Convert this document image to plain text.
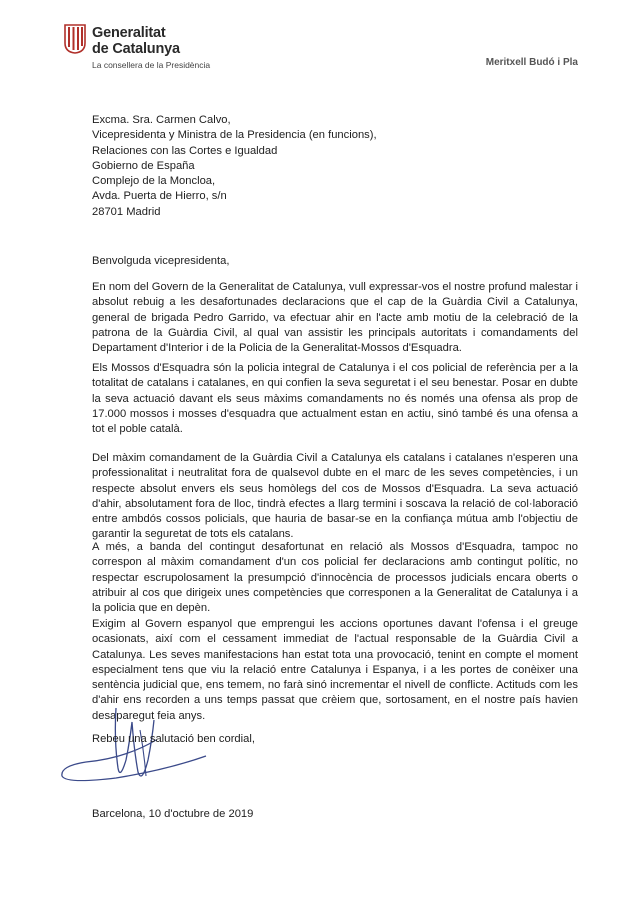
Generalitat
de Catalunya
La consellera de la Presidència	Meritxell Budó i Pla
Excma. Sra. Carmen Calvo,
Vicepresidenta y Ministra de la Presidencia (en funcions),
Relaciones con las Cortes e Igualdad
Gobierno de España
Complejo de la Moncloa,
Avda. Puerta de Hierro, s/n
28701 Madrid
Benvolguda vicepresidenta,
En nom del Govern de la Generalitat de Catalunya, vull expressar-vos el nostre profund malestar i absolut rebuig a les desafortunades declaracions que el cap de la Guàrdia Civil a Catalunya, general de brigada Pedro Garrido, va efectuar ahir en l'acte amb motiu de la celebració de la patrona de la Guàrdia Civil, al qual van assistir les principals autoritats i comandaments del Departament d'Interior i de la Policia de la Generalitat-Mossos d'Esquadra.
Els Mossos d'Esquadra són la policia integral de Catalunya i el cos policial de referència per a la totalitat de catalans i catalanes, en qui confien la seva seguretat i el seu benestar. Posar en dubte la seva actuació davant els seus màxims comandaments no és només una ofensa als prop de 17.000 mossos i mosses d'esquadra que actualment estan en actiu, sinó també és una ofensa a tot el poble català.
Del màxim comandament de la Guàrdia Civil a Catalunya els catalans i catalanes n'esperen una professionalitat i neutralitat fora de qualsevol dubte en el marc de les seves competències, i un respecte absolut envers els seus homòlegs del cos de Mossos d'Esquadra. La seva actuació d'ahir, absolutament fora de lloc, tindrà efectes a llarg termini i soscava la relació de col·laboració entre ambdós cossos policials, que hauria de basar-se en la confiança mútua amb l'objectiu de garantir la seguretat de tots els catalans.
A més, a banda del contingut desafortunat en relació als Mossos d'Esquadra, tampoc no correspon al màxim comandament d'un cos policial fer declaracions amb contingut polític, no respectar escrupolosament la presumpció d'innocència de processos judicials encara oberts o atribuir al cos que dirigeix unes competències que corresponen a la Generalitat de Catalunya i a la policia que en depèn.
Exigim al Govern espanyol que emprengui les accions oportunes davant l'ofensa i el greuge ocasionats, així com el cessament immediat de l'actual responsable de la Guàrdia Civil a Catalunya. Les seves manifestacions han estat tota una provocació, tenint en compte el moment especialment tens que viu la relació entre Catalunya i Espanya, i a les portes de conèixer una sentència judicial que, ens temem, no farà sinó incrementar el nivell de conflicte. Actituds com les d'ahir ens recorden a uns temps passat que crèiem que, sortosament, en el nostre país havien desaparegut feia anys.
Rebeu una salutació ben cordial,
Barcelona, 10 d'octubre de 2019
